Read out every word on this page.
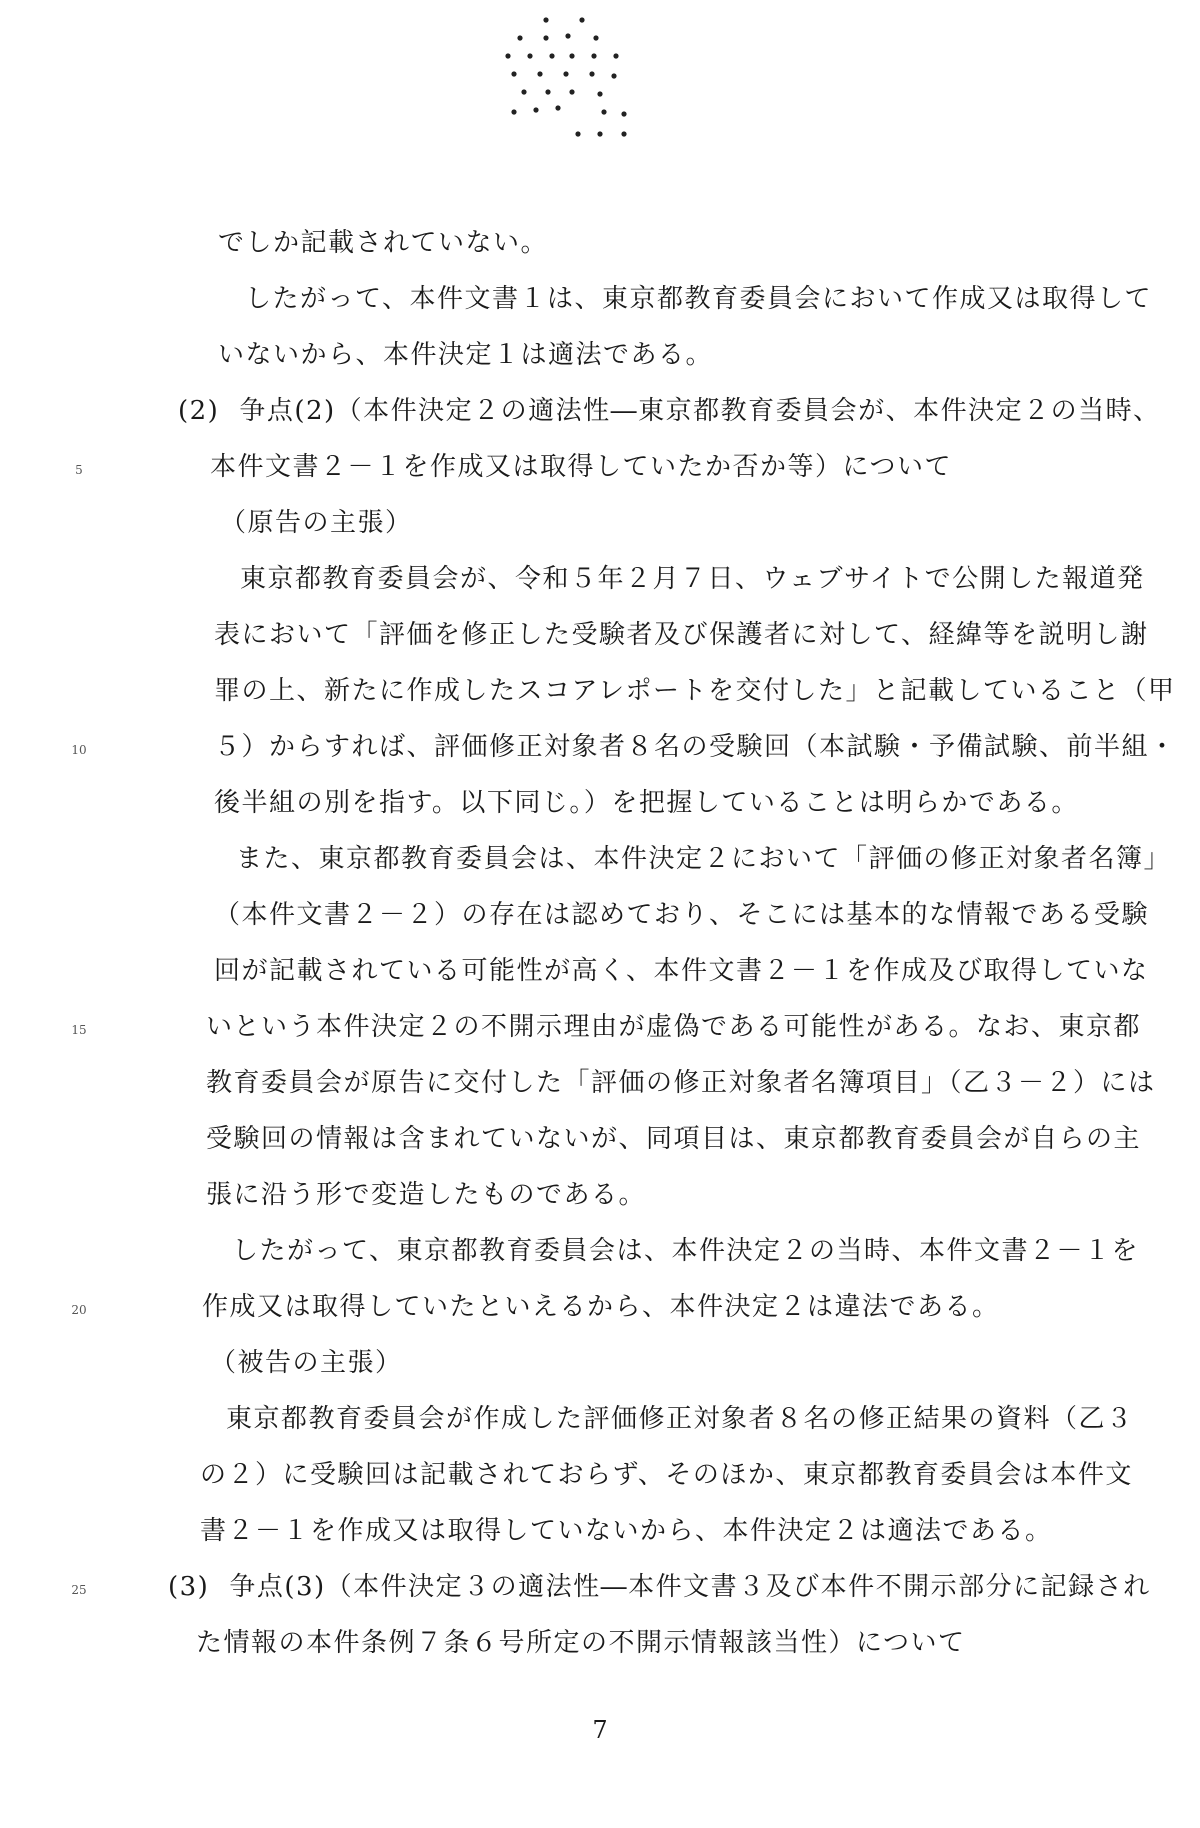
5
10
15
20
25
でしか記載されていない。
したがって、本件文書１は、東京都教育委員会において作成又は取得して
いないから、本件決定１は適法である。
(2) 争点(2)（本件決定２の適法性―東京都教育委員会が、本件決定２の当時、
本件文書２－１を作成又は取得していたか否か等）について
（原告の主張）
東京都教育委員会が、令和５年２月７日、ウェブサイトで公開した報道発
表において「評価を修正した受験者及び保護者に対して、経緯等を説明し謝
罪の上、新たに作成したスコアレポートを交付した」と記載していること（甲
５）からすれば、評価修正対象者８名の受験回（本試験・予備試験、前半組・
後半組の別を指す。以下同じ。）を把握していることは明らかである。
また、東京都教育委員会は、本件決定２において「評価の修正対象者名簿」
（本件文書２－２）の存在は認めており、そこには基本的な情報である受験
回が記載されている可能性が高く、本件文書２－１を作成及び取得していな
いという本件決定２の不開示理由が虚偽である可能性がある。なお、東京都
教育委員会が原告に交付した「評価の修正対象者名簿項目」（乙３－２）には
受験回の情報は含まれていないが、同項目は、東京都教育委員会が自らの主
張に沿う形で変造したものである。
したがって、東京都教育委員会は、本件決定２の当時、本件文書２－１を
作成又は取得していたといえるから、本件決定２は違法である。
（被告の主張）
東京都教育委員会が作成した評価修正対象者８名の修正結果の資料（乙３
の２）に受験回は記載されておらず、そのほか、東京都教育委員会は本件文
書２－１を作成又は取得していないから、本件決定２は適法である。
(3) 争点(3)（本件決定３の適法性―本件文書３及び本件不開示部分に記録され
た情報の本件条例７条６号所定の不開示情報該当性）について
7
